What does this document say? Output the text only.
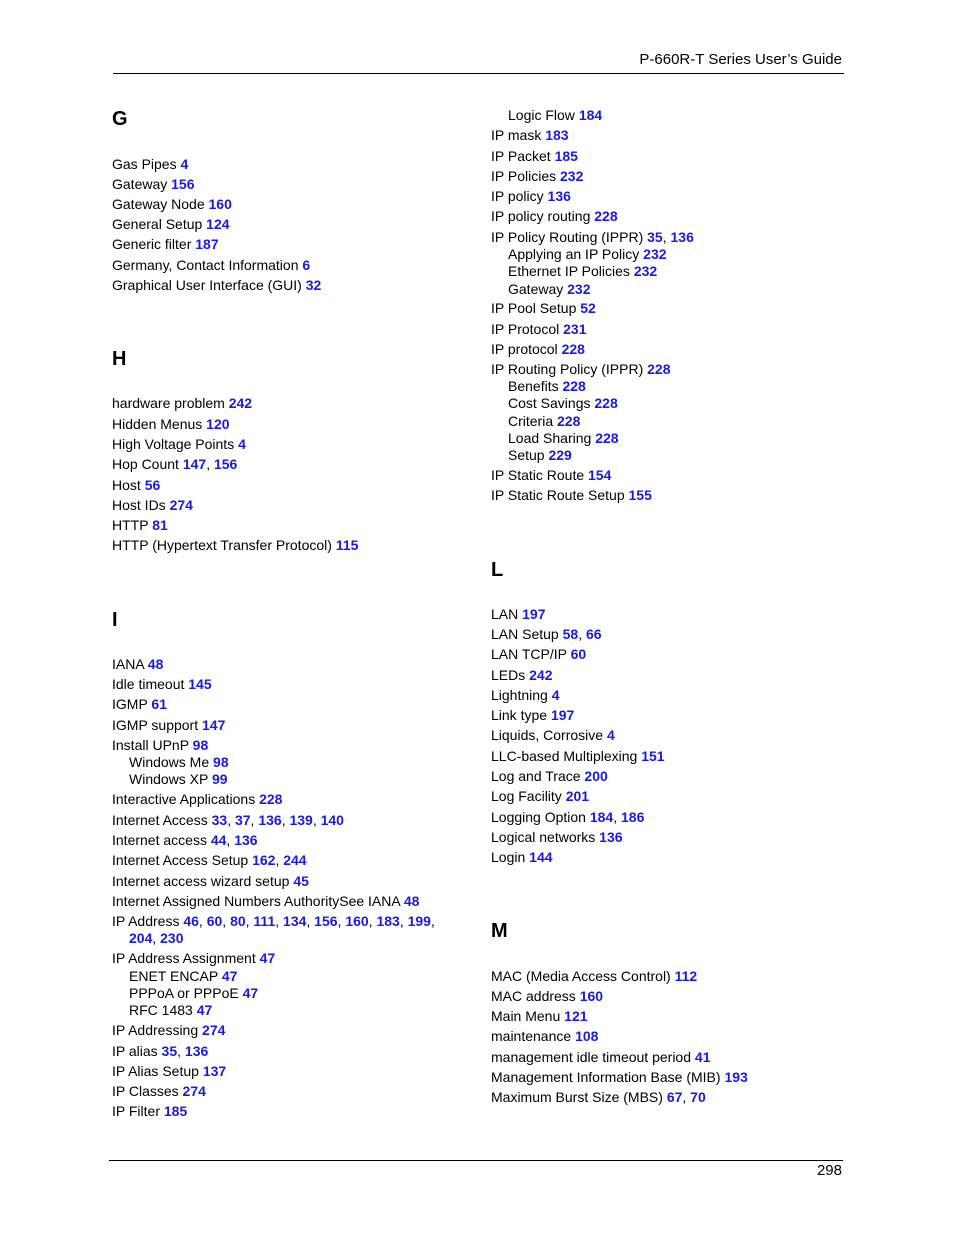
P-660R-T Series User’s Guide
G
Gas Pipes 4
Gateway 156
Gateway Node 160
General Setup 124
Generic filter 187
Germany, Contact Information 6
Graphical User Interface (GUI) 32
H
hardware problem 242
Hidden Menus 120
High Voltage Points 4
Hop Count 147, 156
Host 56
Host IDs 274
HTTP 81
HTTP (Hypertext Transfer Protocol) 115
I
IANA 48
Idle timeout 145
IGMP 61
IGMP support 147
Install UPnP 98
Windows Me 98
Windows XP 99
Interactive Applications 228
Internet Access 33, 37, 136, 139, 140
Internet access 44, 136
Internet Access Setup 162, 244
Internet access wizard setup 45
Internet Assigned Numbers AuthoritySee IANA 48
IP Address 46, 60, 80, 111, 134, 156, 160, 183, 199,
204, 230
IP Address Assignment 47
ENET ENCAP 47
PPPoA or PPPoE 47
RFC 1483 47
IP Addressing 274
IP alias 35, 136
IP Alias Setup 137
IP Classes 274
IP Filter 185
Logic Flow 184
IP mask 183
IP Packet 185
IP Policies 232
IP policy 136
IP policy routing 228
IP Policy Routing (IPPR) 35, 136
Applying an IP Policy 232
Ethernet IP Policies 232
Gateway 232
IP Pool Setup 52
IP Protocol 231
IP protocol 228
IP Routing Policy (IPPR) 228
Benefits 228
Cost Savings 228
Criteria 228
Load Sharing 228
Setup 229
IP Static Route 154
IP Static Route Setup 155
L
LAN 197
LAN Setup 58, 66
LAN TCP/IP 60
LEDs 242
Lightning 4
Link type 197
Liquids, Corrosive 4
LLC-based Multiplexing 151
Log and Trace 200
Log Facility 201
Logging Option 184, 186
Logical networks 136
Login 144
M
MAC (Media Access Control) 112
MAC address 160
Main Menu 121
maintenance 108
management idle timeout period 41
Management Information Base (MIB) 193
Maximum Burst Size (MBS) 67, 70
298
